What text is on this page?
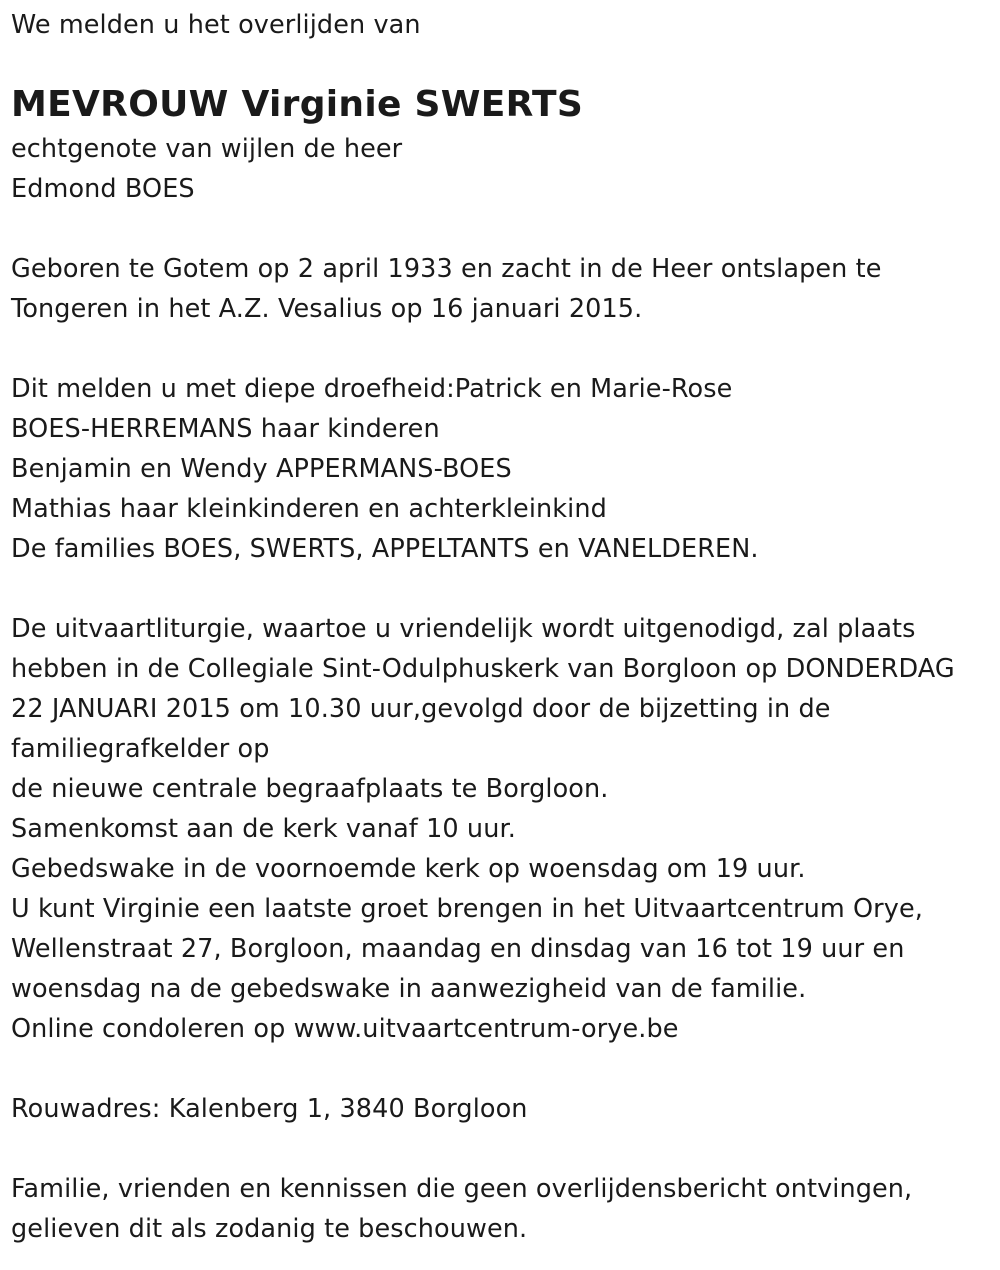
We melden u het overlijden van
MEVROUW Virginie SWERTS
echtgenote van wijlen de heer
Edmond BOES
Geboren te Gotem op 2 april 1933 en zacht in de Heer ontslapen te
Tongeren in het A.Z. Vesalius op 16 januari 2015.
Dit melden u met diepe droefheid:Patrick en Marie-Rose
BOES-HERREMANS haar kinderen
Benjamin en Wendy APPERMANS-BOES
Mathias haar kleinkinderen en achterkleinkind
De families BOES, SWERTS, APPELTANTS en VANELDEREN.
De uitvaartliturgie, waartoe u vriendelijk wordt uitgenodigd, zal plaats
hebben in de Collegiale Sint-Odulphuskerk van Borgloon op DONDERDAG
22 JANUARI 2015 om 10.30 uur,gevolgd door de bijzetting in de
familiegrafkelder op
de nieuwe centrale begraafplaats te Borgloon.
Samenkomst aan de kerk vanaf 10 uur.
Gebedswake in de voornoemde kerk op woensdag om 19 uur.
U kunt Virginie een laatste groet brengen in het Uitvaartcentrum Orye,
Wellenstraat 27, Borgloon, maandag en dinsdag van 16 tot 19 uur en
woensdag na de gebedswake in aanwezigheid van de familie.
Online condoleren op www.uitvaartcentrum-orye.be
Rouwadres: Kalenberg 1, 3840 Borgloon
Familie, vrienden en kennissen die geen overlijdensbericht ontvingen,
gelieven dit als zodanig te beschouwen.
